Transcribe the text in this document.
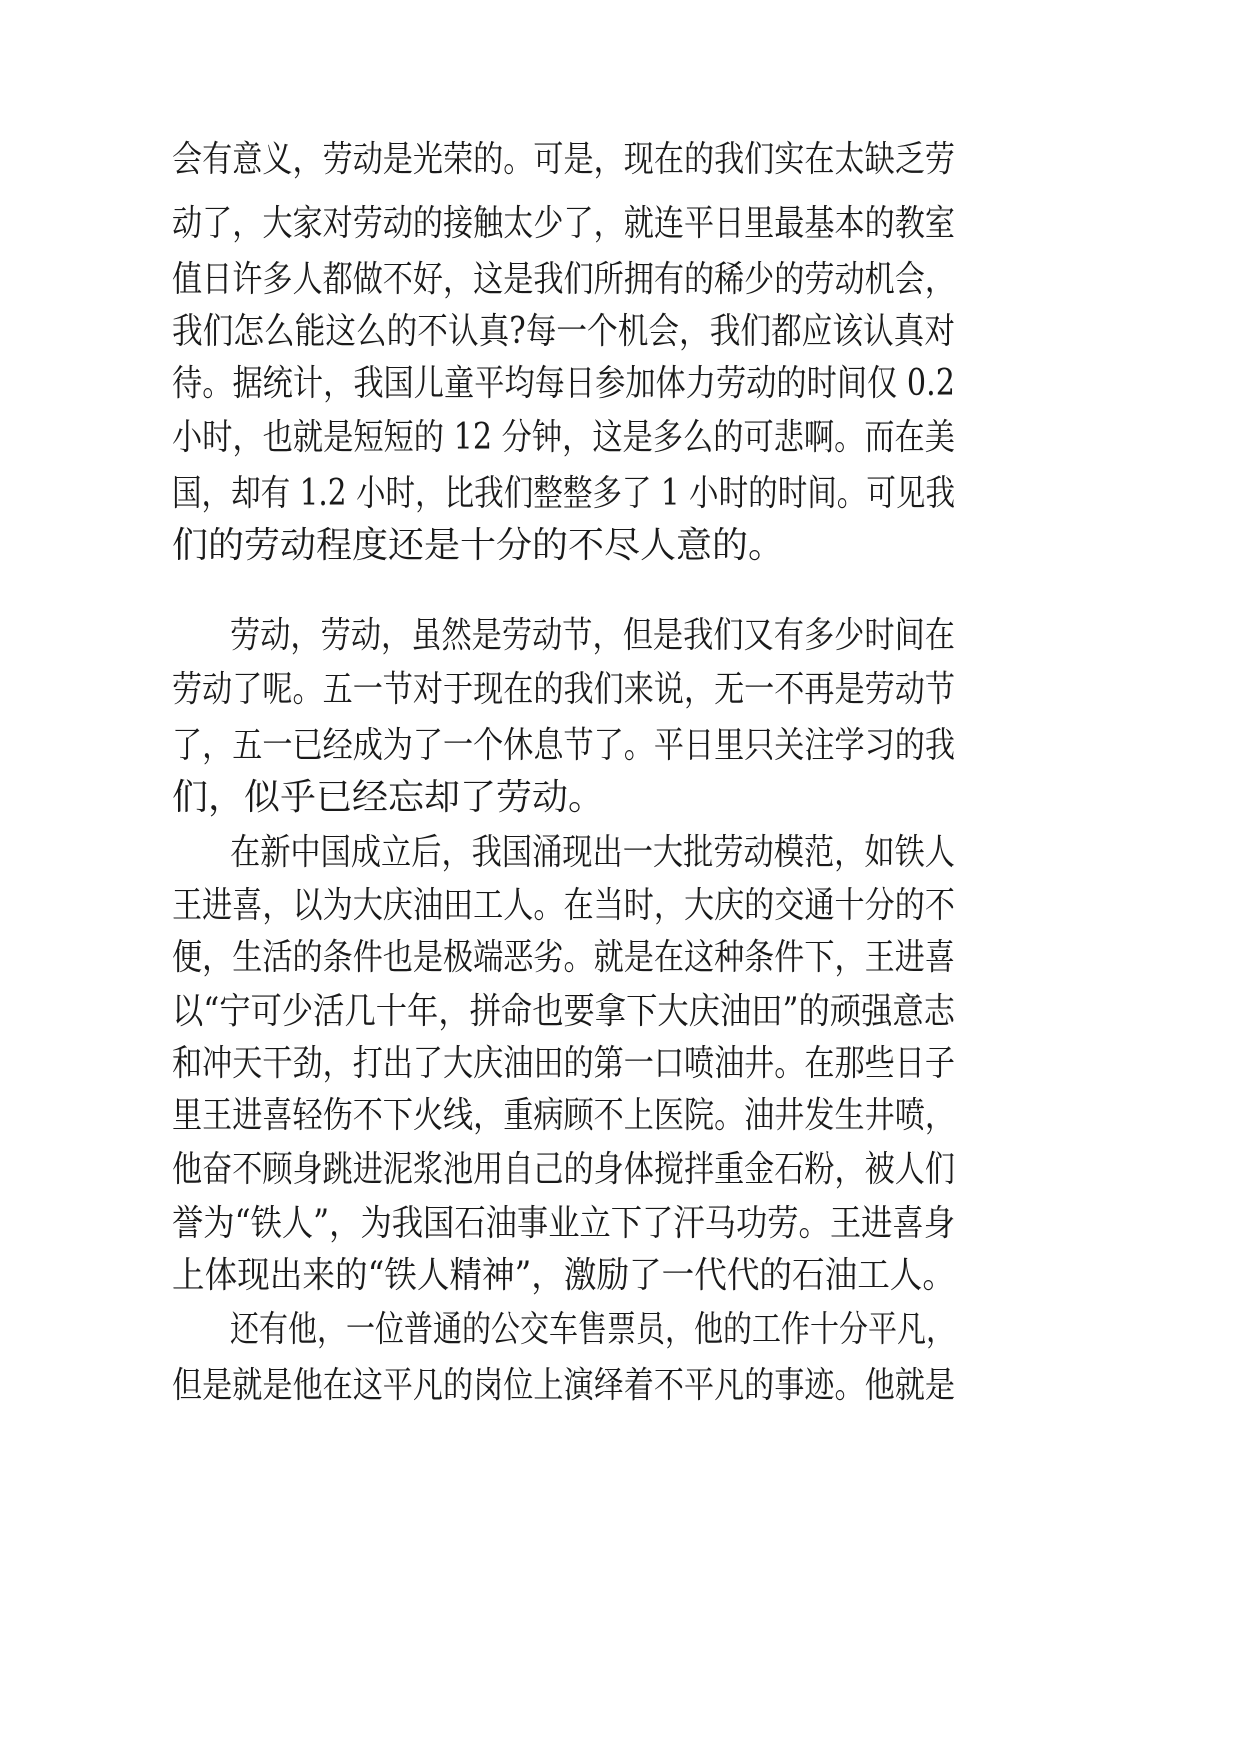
会有意义，劳动是光荣的。可是，现在的我们实在太缺乏劳
动了，大家对劳动的接触太少了，就连平日里最基本的教室
值日许多人都做不好，这是我们所拥有的稀少的劳动机会，
我们怎么能这么的不认真?每一个机会，我们都应该认真对
待。据统计，我国儿童平均每日参加体力劳动的时间仅 0.2
小时，也就是短短的 12 分钟，这是多么的可悲啊。而在美
国，却有 1.2 小时，比我们整整多了 1 小时的时间。可见我
们的劳动程度还是十分的不尽人意的。
劳动，劳动，虽然是劳动节，但是我们又有多少时间在
劳动了呢。五一节对于现在的我们来说，无一不再是劳动节
了，五一已经成为了一个休息节了。平日里只关注学习的我
们，似乎已经忘却了劳动。
在新中国成立后，我国涌现出一大批劳动模范，如铁人
王进喜，以为大庆油田工人。在当时，大庆的交通十分的不
便，生活的条件也是极端恶劣。就是在这种条件下，王进喜
以“宁可少活几十年，拼命也要拿下大庆油田”的顽强意志
和冲天干劲，打出了大庆油田的第一口喷油井。在那些日子
里王进喜轻伤不下火线，重病顾不上医院。油井发生井喷，
他奋不顾身跳进泥浆池用自己的身体搅拌重金石粉，被人们
誉为“铁人”，为我国石油事业立下了汗马功劳。王进喜身
上体现出来的“铁人精神”，激励了一代代的石油工人。
还有他，一位普通的公交车售票员，他的工作十分平凡，
但是就是他在这平凡的岗位上演绎着不平凡的事迹。他就是
